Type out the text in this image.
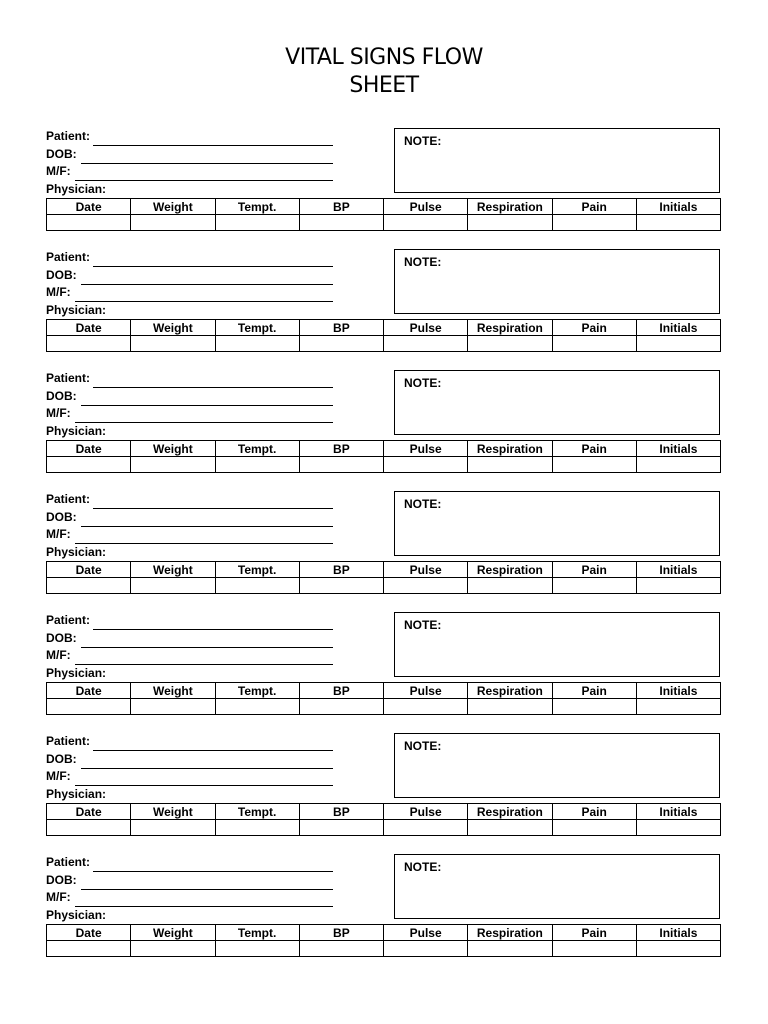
VITAL SIGNS FLOW
SHEET
Patient:
DOB:
M/F:
Physician:
NOTE:
Date	Weight	Tempt.	BP	Pulse	Respiration	Pain	Initials

Patient:
DOB:
M/F:
Physician:
NOTE:
Date	Weight	Tempt.	BP	Pulse	Respiration	Pain	Initials

Patient:
DOB:
M/F:
Physician:
NOTE:
Date	Weight	Tempt.	BP	Pulse	Respiration	Pain	Initials

Patient:
DOB:
M/F:
Physician:
NOTE:
Date	Weight	Tempt.	BP	Pulse	Respiration	Pain	Initials

Patient:
DOB:
M/F:
Physician:
NOTE:
Date	Weight	Tempt.	BP	Pulse	Respiration	Pain	Initials

Patient:
DOB:
M/F:
Physician:
NOTE:
Date	Weight	Tempt.	BP	Pulse	Respiration	Pain	Initials

Patient:
DOB:
M/F:
Physician:
NOTE:
Date	Weight	Tempt.	BP	Pulse	Respiration	Pain	Initials
